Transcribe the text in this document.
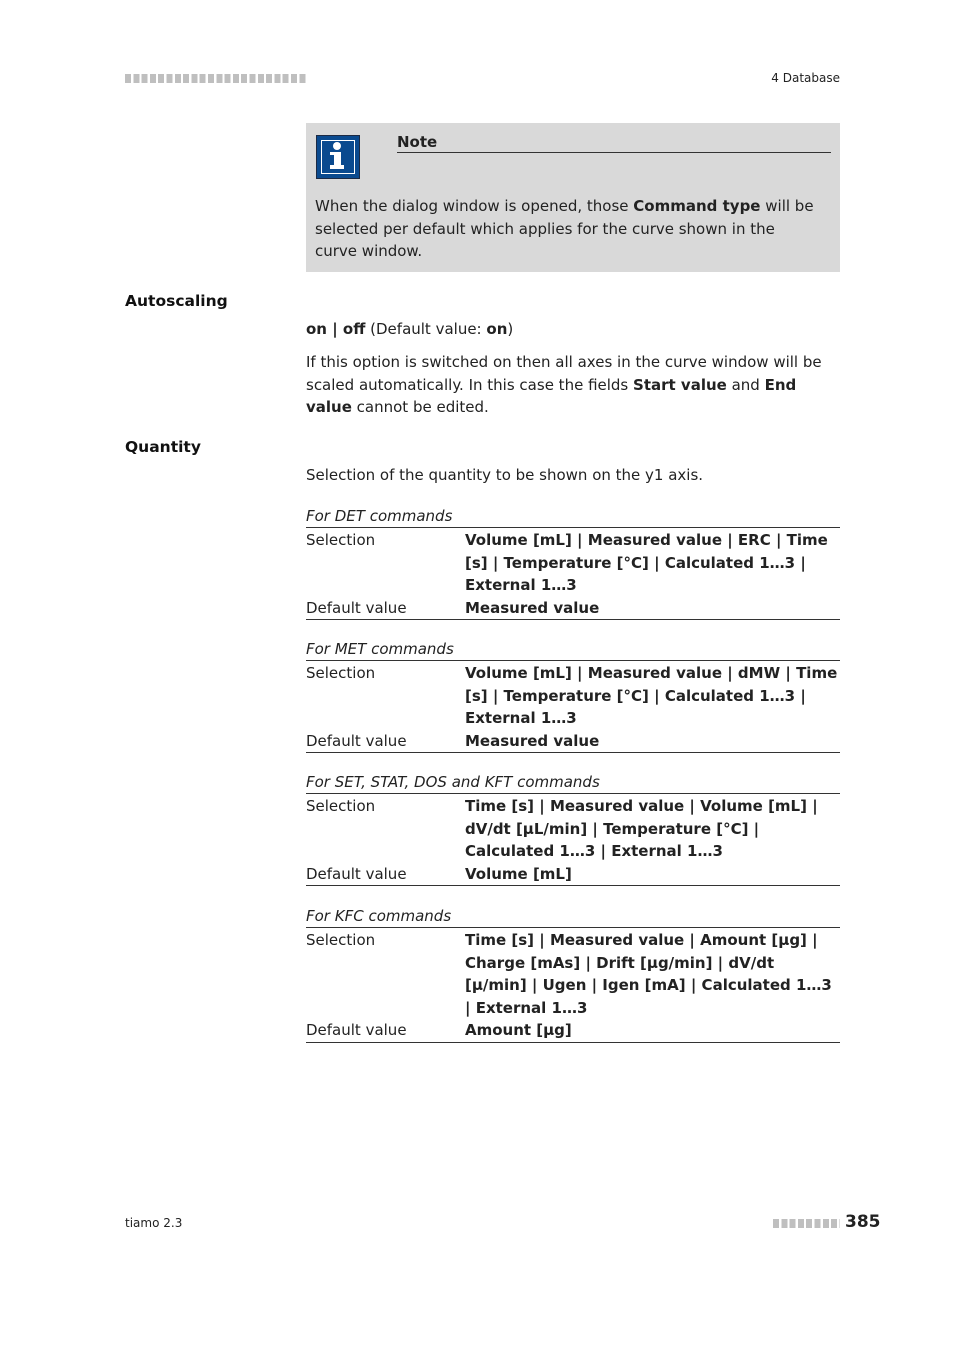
4 Database
Note
When the dialog window is opened, those Command type will be selected per default which applies for the curve shown in the curve window.
Autoscaling
on | off (Default value: on)
If this option is switched on then all axes in the curve window will be scaled automatically. In this case the fields Start value and End value cannot be edited.
Quantity
Selection of the quantity to be shown on the y1 axis.
For DET commands
Selection	Volume [mL] | Measured value | ERC | Time [s] | Temperature [°C] | Calculated 1…3 | External 1…3
Default value	Measured value
For MET commands
Selection	Volume [mL] | Measured value | dMW | Time [s] | Temperature [°C] | Calculated 1…3 | External 1…3
Default value	Measured value
For SET, STAT, DOS and KFT commands
Selection	Time [s] | Measured value | Volume [mL] | dV/dt [µL/min] | Temperature [°C] | Calculated 1…3 | External 1…3
Default value	Volume [mL]
For KFC commands
Selection	Time [s] | Measured value | Amount [µg] | Charge [mAs] | Drift [µg/min] | dV/dt [µ/min] | Ugen | Igen [mA] | Calculated 1…3 | External 1…3
Default value	Amount [µg]
tiamo 2.3	385
